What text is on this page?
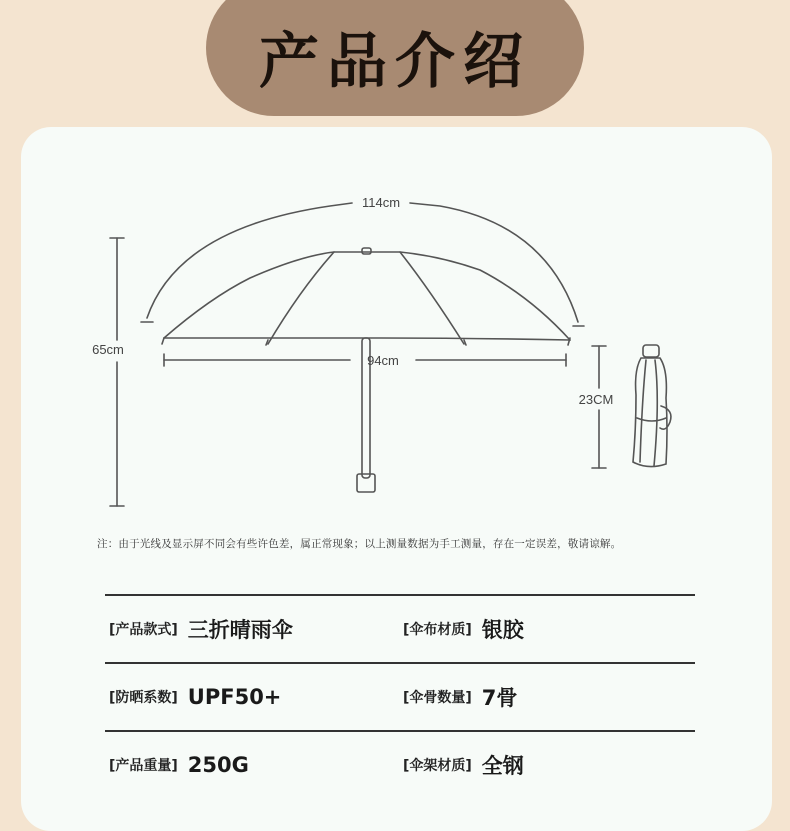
产品介绍
114cm
94cm
65cm
23CM
注：由于光线及显示屏不同会有些许色差，属正常现象；以上测量数据为手工测量，存在一定误差，敬请谅解。
[产品款式] 三折晴雨伞	[伞布材质] 银胶
[防晒系数] UPF50+	[伞骨数量] 7骨
[产品重量] 250G	[伞架材质] 全钢
